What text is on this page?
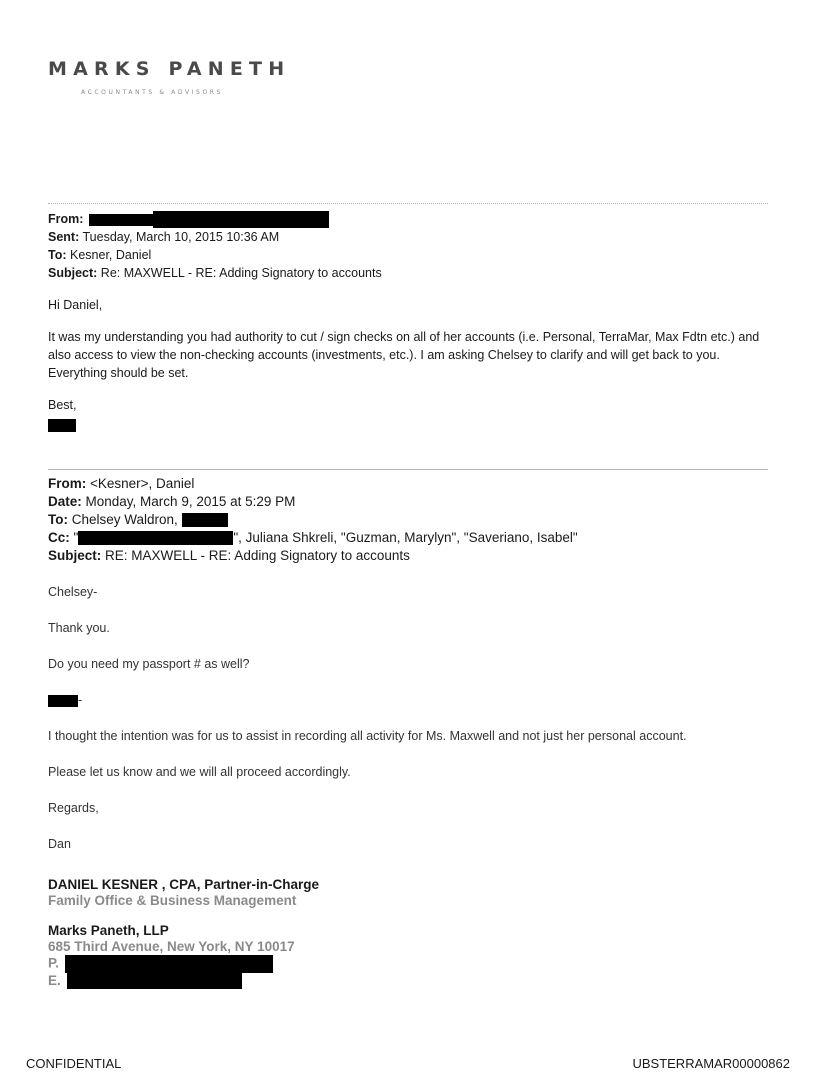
MARKS PANETH
ACCOUNTANTS & ADVISORS
From:
Sent: Tuesday, March 10, 2015 10:36 AM
To: Kesner, Daniel
Subject: Re: MAXWELL - RE: Adding Signatory to accounts

Hi Daniel,

It was my understanding you had authority to cut / sign checks on all of her accounts (i.e. Personal, TerraMar, Max Fdtn etc.) and also access to view the non-checking accounts (investments, etc.). I am asking Chelsey to clarify and will get back to you. Everything should be set.

Best,

From: <Kesner>, Daniel
Date: Monday, March 9, 2015 at 5:29 PM
To: Chelsey Waldron,
Cc: "	", Juliana Shkreli, "Guzman, Marylyn", "Saveriano, Isabel"
Subject: RE: MAXWELL - RE: Adding Signatory to accounts

Chelsey-

Thank you.

Do you need my passport # as well?

-

I thought the intention was for us to assist in recording all activity for Ms. Maxwell and not just her personal account.

Please let us know and we will all proceed accordingly.

Regards,

Dan

DANIEL KESNER , CPA, Partner-in-Charge
Family Office & Business Management
Marks Paneth, LLP
685 Third Avenue, New York, NY 10017
P.
E.
CONFIDENTIAL	UBSTERRAMAR00000862
